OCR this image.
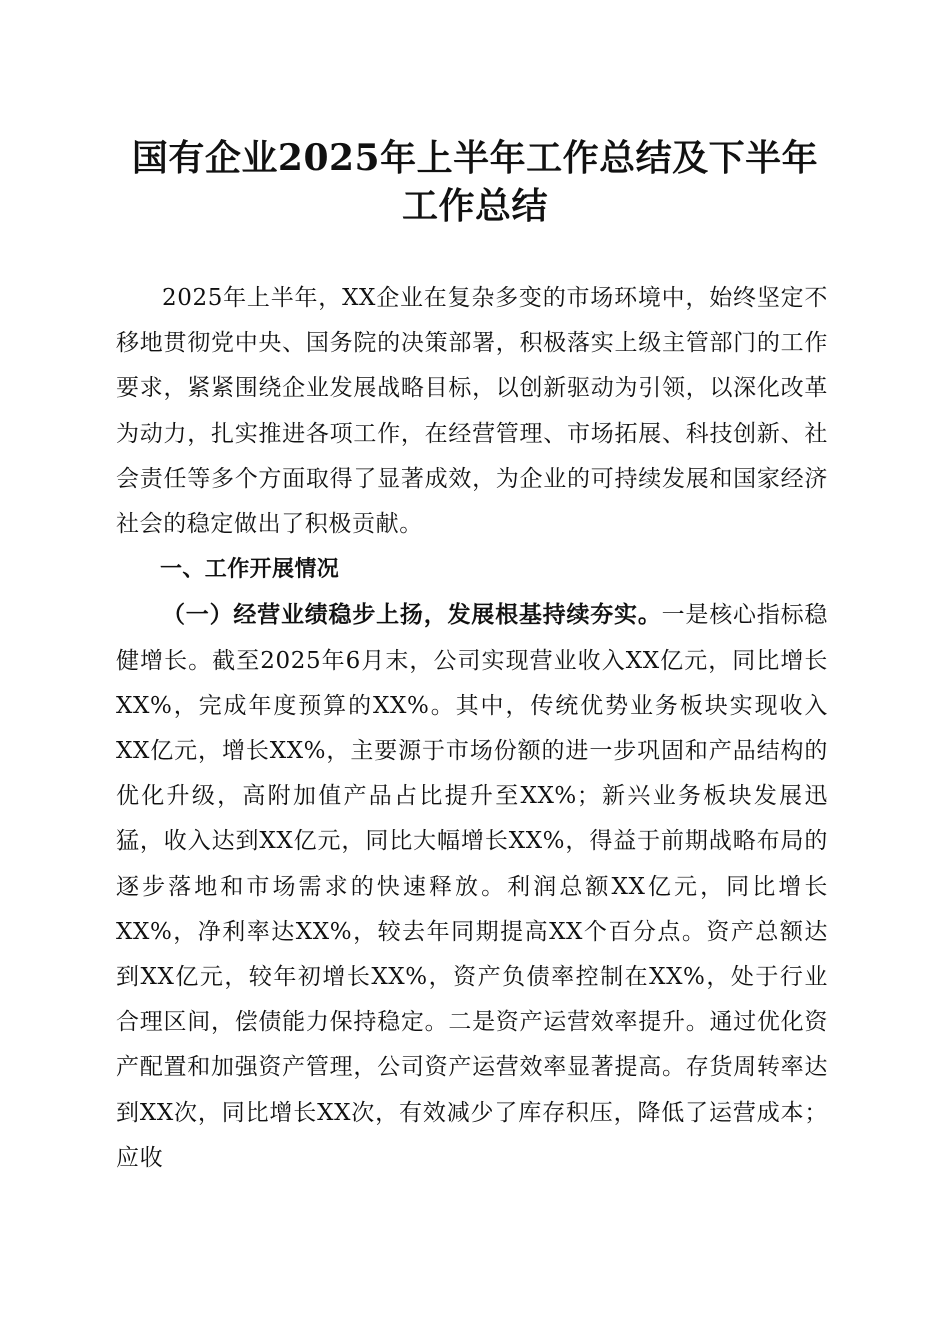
国有企业2025年上半年工作总结及下半年工作总结

2025年上半年，XX企业在复杂多变的市场环境中，始终坚定不移地贯彻党中央、国务院的决策部署，积极落实上级主管部门的工作要求，紧紧围绕企业发展战略目标，以创新驱动为引领，以深化改革为动力，扎实推进各项工作，在经营管理、市场拓展、科技创新、社会责任等多个方面取得了显著成效，为企业的可持续发展和国家经济社会的稳定做出了积极贡献。

一、工作开展情况

（一）经营业绩稳步上扬，发展根基持续夯实。一是核心指标稳健增长。截至2025年6月末，公司实现营业收入XX亿元，同比增长XX%，完成年度预算的XX%。其中，传统优势业务板块实现收入XX亿元，增长XX%，主要源于市场份额的进一步巩固和产品结构的优化升级，高附加值产品占比提升至XX%；新兴业务板块发展迅猛，收入达到XX亿元，同比大幅增长XX%，得益于前期战略布局的逐步落地和市场需求的快速释放。利润总额XX亿元，同比增长XX%，净利率达XX%，较去年同期提高XX个百分点。资产总额达到XX亿元，较年初增长XX%，资产负债率控制在XX%，处于行业合理区间，偿债能力保持稳定。二是资产运营效率提升。通过优化资产配置和加强资产管理，公司资产运营效率显著提高。存货周转率达到XX次，同比增长XX次，有效减少了库存积压，降低了运营成本；应收
